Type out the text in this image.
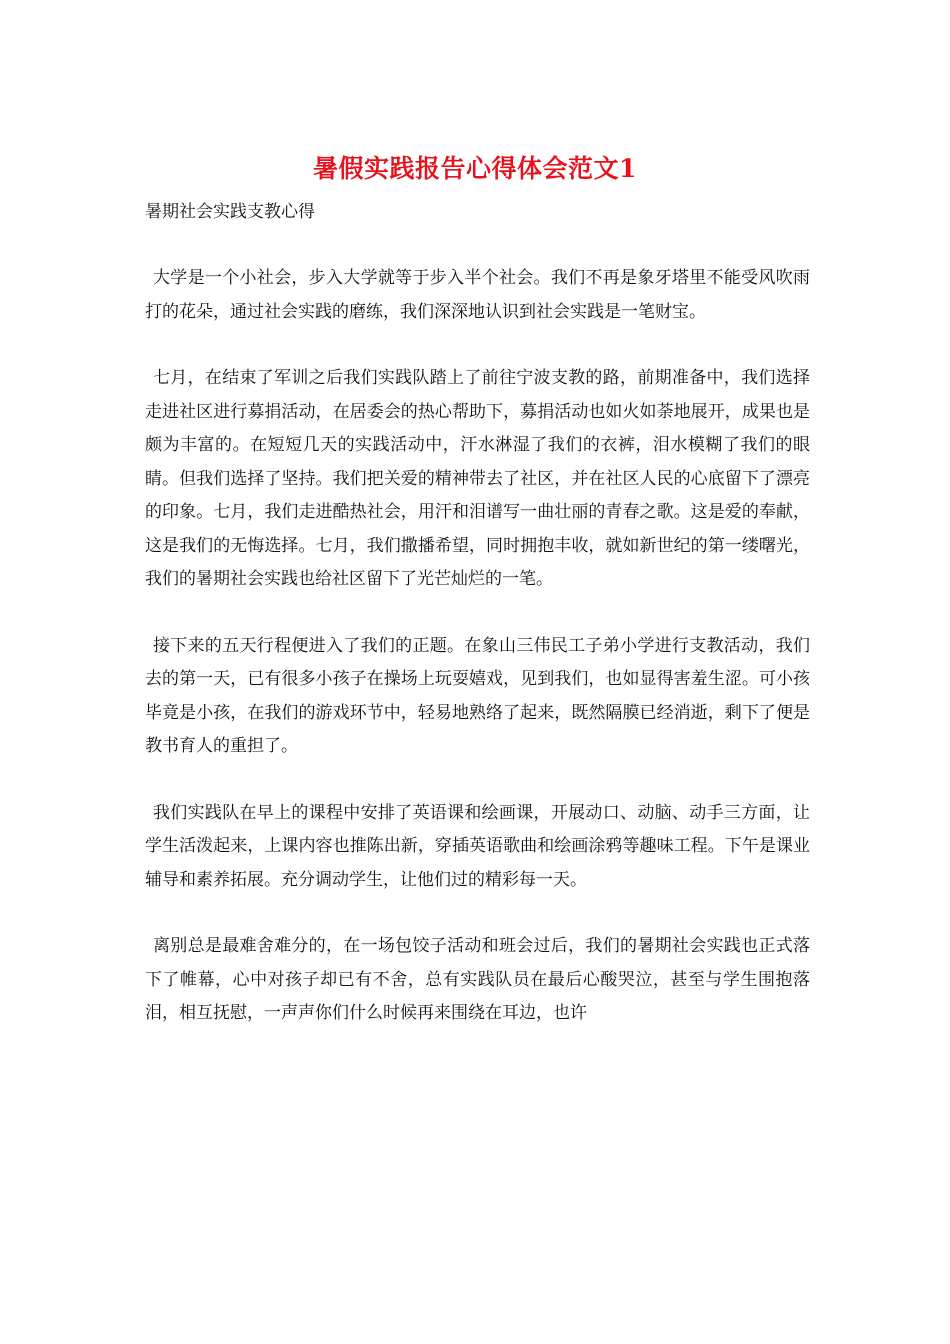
暑假实践报告心得体会范文1
暑期社会实践支教心得

大学是一个小社会，步入大学就等于步入半个社会。我们不再是象牙塔里不能受风吹雨打的花朵，通过社会实践的磨练，我们深深地认识到社会实践是一笔财宝。

七月，在结束了军训之后我们实践队踏上了前往宁波支教的路，前期准备中，我们选择走进社区进行募捐活动，在居委会的热心帮助下，募捐活动也如火如荼地展开，成果也是颇为丰富的。在短短几天的实践活动中，汗水淋湿了我们的衣裤，泪水模糊了我们的眼睛。但我们选择了坚持。我们把关爱的精神带去了社区，并在社区人民的心底留下了漂亮的印象。七月，我们走进酷热社会，用汗和泪谱写一曲壮丽的青春之歌。这是爱的奉献，这是我们的无悔选择。七月，我们撒播希望，同时拥抱丰收，就如新世纪的第一缕曙光，我们的暑期社会实践也给社区留下了光芒灿烂的一笔。

接下来的五天行程便进入了我们的正题。在象山三伟民工子弟小学进行支教活动，我们去的第一天，已有很多小孩子在操场上玩耍嬉戏，见到我们，也如显得害羞生涩。可小孩毕竟是小孩，在我们的游戏环节中，轻易地熟络了起来，既然隔膜已经消逝，剩下了便是教书育人的重担了。

我们实践队在早上的课程中安排了英语课和绘画课，开展动口、动脑、动手三方面，让学生活泼起来，上课内容也推陈出新，穿插英语歌曲和绘画涂鸦等趣味工程。下午是课业辅导和素养拓展。充分调动学生，让他们过的精彩每一天。

离别总是最难舍难分的，在一场包饺子活动和班会过后，我们的暑期社会实践也正式落下了帷幕，心中对孩子却已有不舍，总有实践队员在最后心酸哭泣，甚至与学生围抱落泪，相互抚慰，一声声你们什么时候再来围绕在耳边，也许
